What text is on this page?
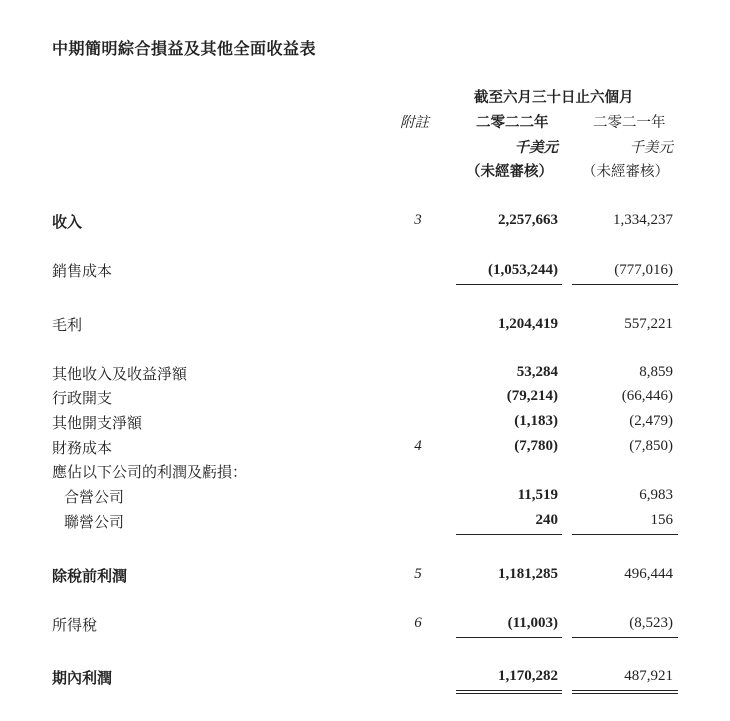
中期簡明綜合損益及其他全面收益表
截至六月三十日止六個月
附註	二零二二年	二零二一年
千美元	千美元
（未經審核） （未經審核）
收入	3	2,257,663	1,334,237
銷售成本	(1,053,244)	(777,016)
毛利	1,204,419	557,221
其他收入及收益淨額	53,284	8,859
行政開支	(79,214)	(66,446)
其他開支淨額	(1,183)	(2,479)
財務成本	4	(7,780)	(7,850)
應佔以下公司的利潤及虧損：
合營公司	11,519	6,983
聯營公司	240	156
除稅前利潤	5	1,181,285	496,444
所得稅	6	(11,003)	(8,523)
期內利潤	1,170,282	487,921
